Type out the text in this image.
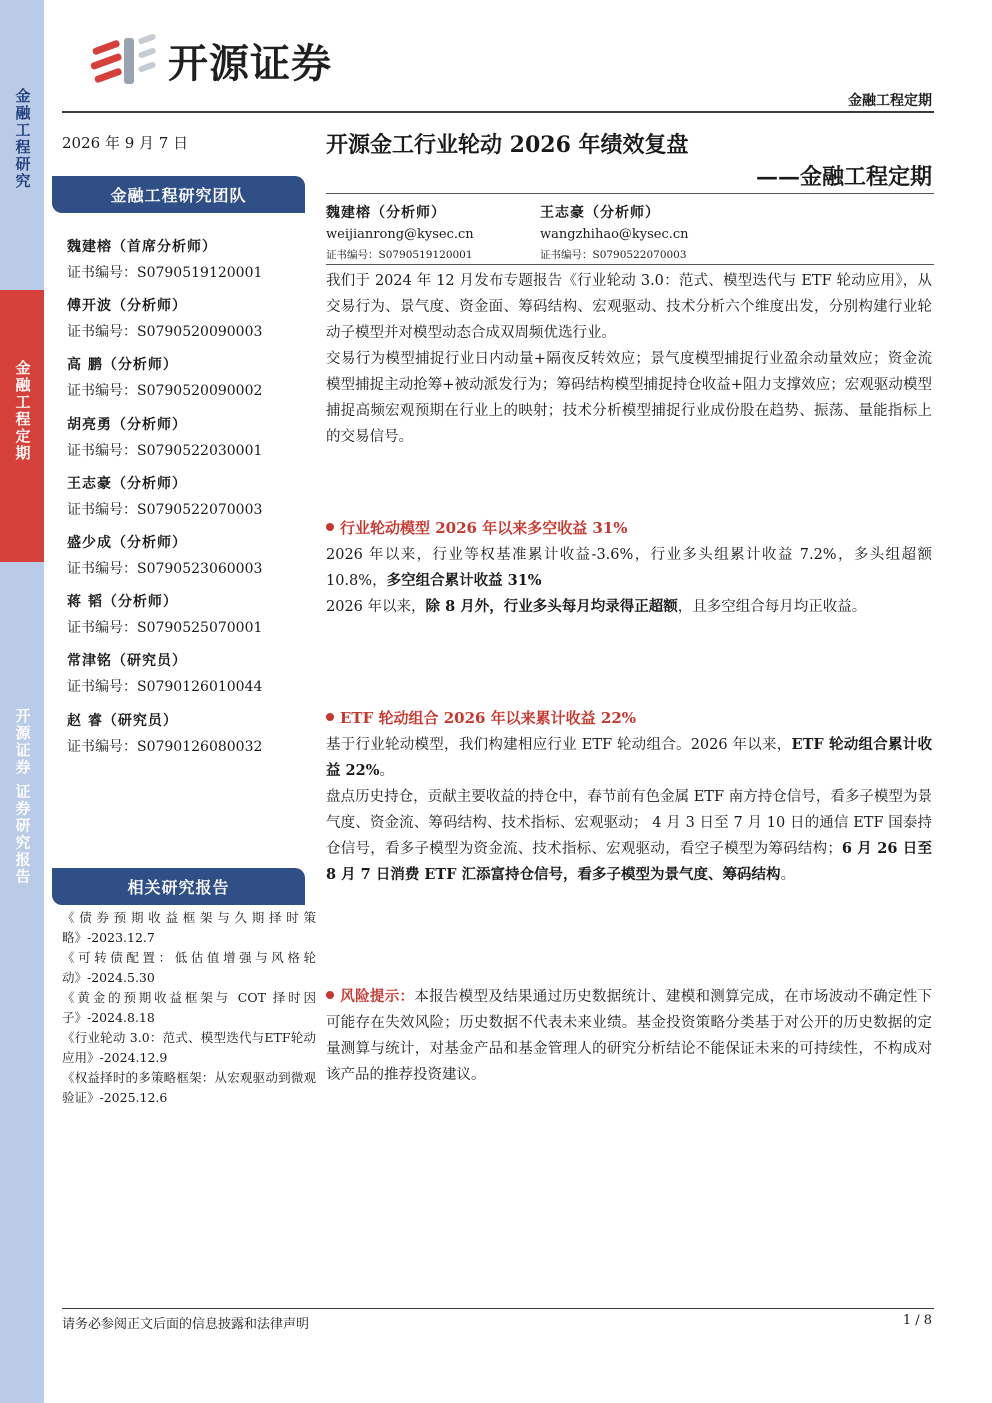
金融工程研究
金融工程定期
开源证券 证券研究报告
开源证券
金融工程定期
2026 年 9 月 7 日
金融工程研究团队
魏建榕（首席分析师）
证书编号：S0790519120001
傅开波（分析师）
证书编号：S0790520090003
高 鹏（分析师）
证书编号：S0790520090002
胡亮勇（分析师）
证书编号：S0790522030001
王志豪（分析师）
证书编号：S0790522070003
盛少成（分析师）
证书编号：S0790523060003
蒋 韬（分析师）
证书编号：S0790525070001
常津铭（研究员）
证书编号：S0790126010044
赵 睿（研究员）
证书编号：S0790126080032
相关研究报告
《债券预期收益框架与久期择时策略》-2023.12.7
《可转债配置：低估值增强与风格轮动》-2024.5.30
《黄金的预期收益框架与 COT 择时因子》-2024.8.18
《行业轮动 3.0：范式、模型迭代与ETF轮动应用》-2024.12.9
《权益择时的多策略框架：从宏观驱动到微观验证》-2025.12.6
开源金工行业轮动 2026 年绩效复盘
——金融工程定期
魏建榕（分析师）
weijianrong@kysec.cn
证书编号：S0790519120001
王志豪（分析师）
wangzhihao@kysec.cn
证书编号：S0790522070003
我们于 2024 年 12 月发布专题报告《行业轮动 3.0：范式、模型迭代与 ETF 轮动应用》，从交易行为、景气度、资金面、筹码结构、宏观驱动、技术分析六个维度出发，分别构建行业轮动子模型并对模型动态合成双周频优选行业。
交易行为模型捕捉行业日内动量+隔夜反转效应；景气度模型捕捉行业盈余动量效应；资金流模型捕捉主动抢筹+被动派发行为；筹码结构模型捕捉持仓收益+阻力支撑效应；宏观驱动模型捕捉高频宏观预期在行业上的映射；技术分析模型捕捉行业成份股在趋势、振荡、量能指标上的交易信号。
行业轮动模型 2026 年以来多空收益 31%
2026 年以来，行业等权基准累计收益-3.6%，行业多头组累计收益 7.2%，多头组超额 10.8%，多空组合累计收益 31%
2026 年以来，除 8 月外，行业多头每月均录得正超额，且多空组合每月均正收益。
ETF 轮动组合 2026 年以来累计收益 22%
基于行业轮动模型，我们构建相应行业 ETF 轮动组合。2026 年以来，ETF 轮动组合累计收益 22%。
盘点历史持仓，贡献主要收益的持仓中，春节前有色金属 ETF 南方持仓信号，看多子模型为景气度、资金流、筹码结构、技术指标、宏观驱动； 4 月 3 日至 7 月 10 日的通信 ETF 国泰持仓信号，看多子模型为资金流、技术指标、宏观驱动，看空子模型为筹码结构；6 月 26 日至 8 月 7 日消费 ETF 汇添富持仓信号，看多子模型为景气度、筹码结构。
风险提示：本报告模型及结果通过历史数据统计、建模和测算完成，在市场波动不确定性下可能存在失效风险；历史数据不代表未来业绩。基金投资策略分类基于对公开的历史数据的定量测算与统计，对基金产品和基金管理人的研究分析结论不能保证未来的可持续性，不构成对该产品的推荐投资建议。
请务必参阅正文后面的信息披露和法律声明	1 / 8
